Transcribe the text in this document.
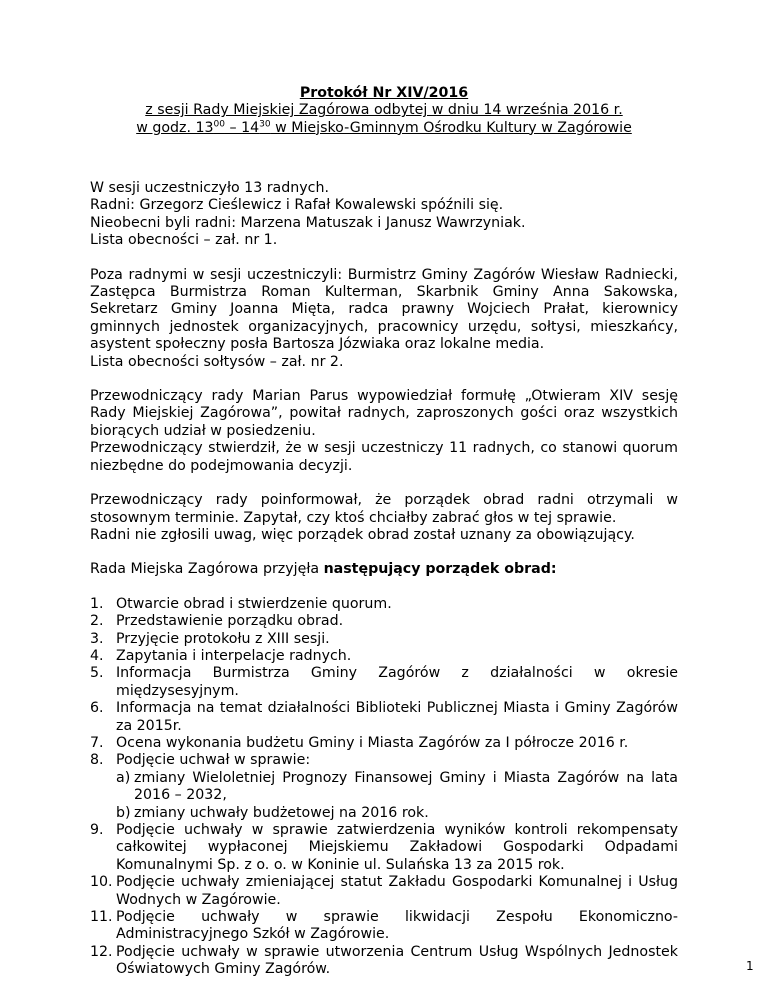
Protokół Nr XIV/2016
z sesji Rady Miejskiej Zagórowa odbytej w dniu 14 września 2016 r.
w godz. $13^{00} - 14^{30}$ w Miejsko-Gminnym Ośrodku Kultury w Zagórowie

W sesji uczestniczyło 13 radnych.
Radni: Grzegorz Cieślewicz i Rafał Kowalewski spóźnili się.
Nieobecni byli radni: Marzena Matuszak i Janusz Wawrzyniak.
Lista obecności – zał. nr 1.

Poza radnymi w sesji uczestniczyli: Burmistrz Gminy Zagórów Wiesław Radniecki, Zastępca Burmistrza Roman Kulterman, Skarbnik Gminy Anna Sakowska, Sekretarz Gminy Joanna Mięta, radca prawny Wojciech Prałat, kierownicy gminnych jednostek organizacyjnych, pracownicy urzędu, sołtysi, mieszkańcy, asystent społeczny posła Bartosza Józwiaka oraz lokalne media.
Lista obecności sołtysów – zał. nr 2.

Przewodniczący rady Marian Parus wypowiedział formułę „Otwieram XIV sesję Rady Miejskiej Zagórowa”, powitał radnych, zaproszonych gości oraz wszystkich biorących udział w posiedzeniu.
Przewodniczący stwierdził, że w sesji uczestniczy 11 radnych, co stanowi quorum niezbędne do podejmowania decyzji.

Przewodniczący rady poinformował, że porządek obrad radni otrzymali w stosownym terminie. Zapytał, czy ktoś chciałby zabrać głos w tej sprawie.
Radni nie zgłosili uwag, więc porządek obrad został uznany za obowiązujący.

Rada Miejska Zagórowa przyjęła następujący porządek obrad:

1. Otwarcie obrad i stwierdzenie quorum.
2. Przedstawienie porządku obrad.
3. Przyjęcie protokołu z XIII sesji.
4. Zapytania i interpelacje radnych.
5. Informacja Burmistrza Gminy Zagórów z działalności w okresie międzysesyjnym.
6. Informacja na temat działalności Biblioteki Publicznej Miasta i Gminy Zagórów za 2015r.
7. Ocena wykonania budżetu Gminy i Miasta Zagórów za I półrocze 2016 r.
8. Podjęcie uchwał w sprawie:
a) zmiany Wieloletniej Prognozy Finansowej Gminy i Miasta Zagórów na lata 2016 – 2032,
b) zmiany uchwały budżetowej na 2016 rok.
9. Podjęcie uchwały w sprawie zatwierdzenia wyników kontroli rekompensaty całkowitej wypłaconej Miejskiemu Zakładowi Gospodarki Odpadami Komunalnymi Sp. z o. o. w Koninie ul. Sulańska 13 za 2015 rok.
10. Podjęcie uchwały zmieniającej statut Zakładu Gospodarki Komunalnej i Usług Wodnych w Zagórowie.
11. Podjęcie uchwały w sprawie likwidacji Zespołu Ekonomiczno-Administracyjnego Szkół w Zagórowie.
12. Podjęcie uchwały w sprawie utworzenia Centrum Usług Wspólnych Jednostek Oświatowych Gminy Zagórów.	1
